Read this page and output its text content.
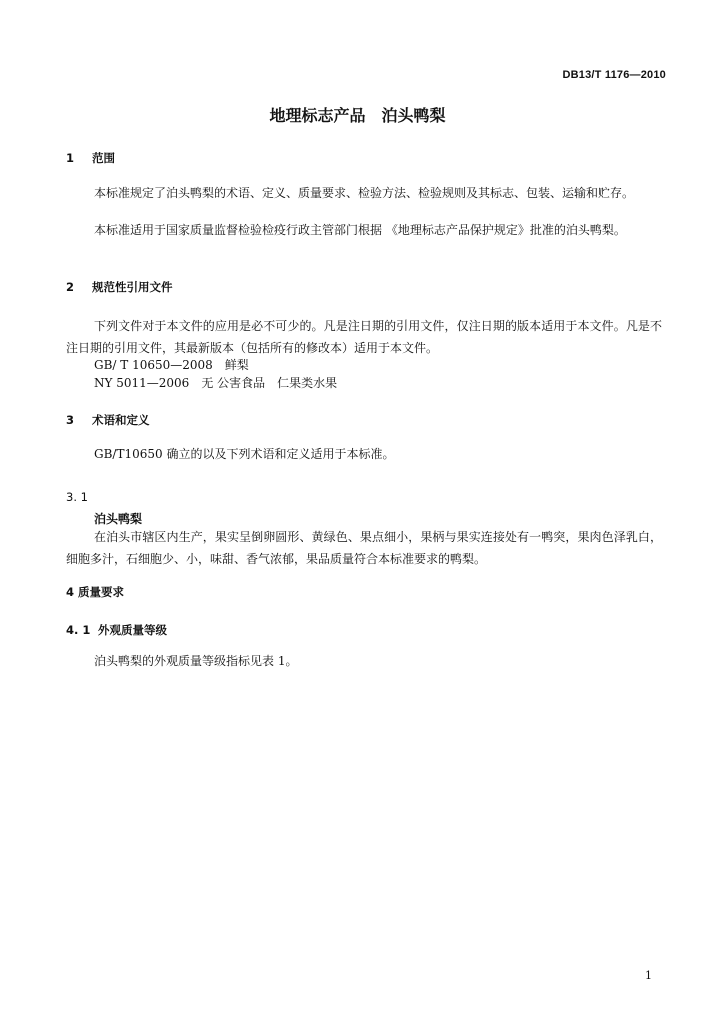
DB13/T 1176—2010
地理标志产品　泊头鸭梨
1 范围

本标准规定了泊头鸭梨的术语、定义、质量要求、检验方法、检验规则及其标志、包装、运输和贮存。

本标准适用于国家质量监督检验检疫行政主管部门根据 《地理标志产品保护规定》批准的泊头鸭梨。

2 规范性引用文件

下列文件对于本文件的应用是必不可少的。凡是注日期的引用文件，仅注日期的版本适用于本文件。凡是不注日期的引用文件，其最新版本（包括所有的修改本）适用于本文件。

GB/ T 10650—2008　鲜梨
NY 5011—2006　无 公害食品　仁果类水果
3 术语和定义
GB/T10650 确立的以及下列术语和定义适用于本标准。
3. 1
泊头鸭梨

在泊头市辖区内生产，果实呈倒卵圆形、黄绿色、果点细小，果柄与果实连接处有一鸭突，果肉色泽乳白，细胞多汁，石细胞少、小，味甜、香气浓郁，果品质量符合本标准要求的鸭梨。

4 质量要求
4. 1 外观质量等级
泊头鸭梨的外观质量等级指标见表 1。
1
